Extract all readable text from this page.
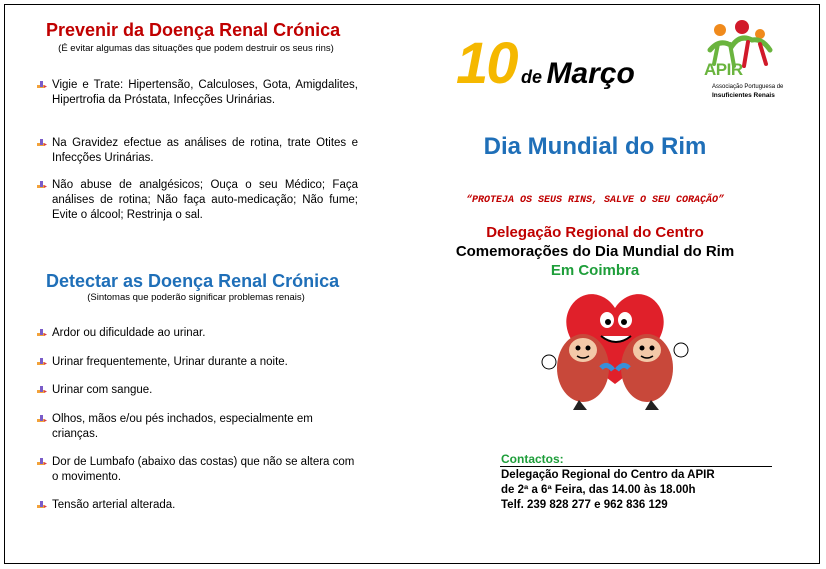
Prevenir da Doença Renal Crónica
(É evitar algumas das situações que podem destruir os seus rins)
Vigie e Trate: Hipertensão, Calculoses, Gota, Amigdalites, Hipertrofia da Próstata, Infecções Urinárias.
Na Gravidez efectue as análises de rotina, trate Otites e Infecções Urinárias.
Não abuse de analgésicos; Ouça o seu Médico; Faça análises de rotina; Não faça auto-medicação; Não fume; Evite o álcool; Restrinja o sal.
Detectar as Doença Renal Crónica
(Sintomas que poderão significar problemas renais)
Ardor ou dificuldade ao urinar.
Urinar frequentemente, Urinar durante a noite.
Urinar com sangue.
Olhos, mãos e/ou pés inchados, especialmente em crianças.
Dor de Lumbafo (abaixo das costas) que não se altera com o movimento.
Tensão arterial alterada.
10 de Março	APIR
Associação Portuguesa de
Insuficientes Renais
Dia Mundial do Rim
“PROTEJA OS SEUS RINS, SALVE O SEU CORAÇÃO”
Delegação Regional do Centro
Comemorações do Dia Mundial do Rim
Em Coimbra
Contactos:
Delegação Regional do Centro da APIR
de 2ª a 6ª Feira, das 14.00 às 18.00h
Telf. 239 828 277 e 962 836 129
